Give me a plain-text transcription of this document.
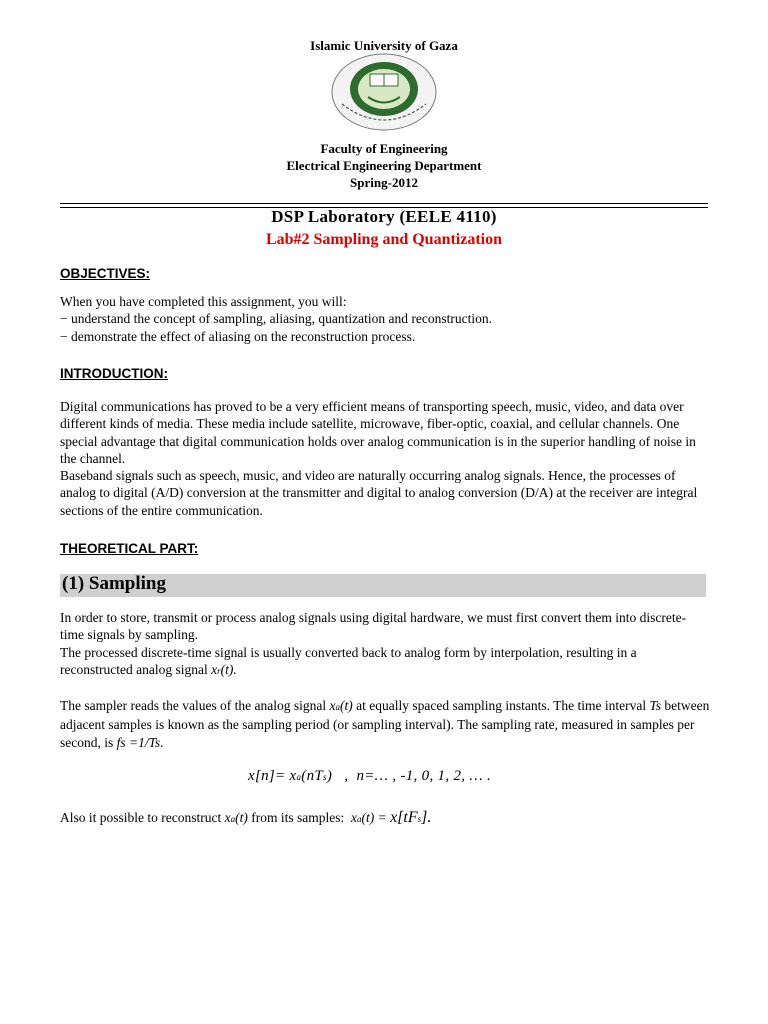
Islamic University of Gaza
Faculty of Engineering
Electrical Engineering Department
Spring-2012
DSP Laboratory (EELE 4110)
Lab#2 Sampling and Quantization
OBJECTIVES:

When you have completed this assignment, you will:

− understand the concept of sampling, aliasing, quantization and reconstruction.

− demonstrate the effect of aliasing on the reconstruction process.

INTRODUCTION:

Digital communications has proved to be a very efficient means of transporting speech, music, video, and data over different kinds of media. These media include satellite, microwave, fiber-optic, coaxial, and cellular channels. One special advantage that digital communication holds over analog communication is in the superior handling of noise in the channel.

Baseband signals such as speech, music, and video are naturally occurring analog signals. Hence, the processes of analog to digital (A/D) conversion at the transmitter and digital to analog conversion (D/A) at the receiver are integral sections of the entire communication.

THEORETICAL PART:
(1) Sampling

In order to store, transmit or process analog signals using digital hardware, we must first convert them into discrete-time signals by sampling.

The processed discrete-time signal is usually converted back to analog form by interpolation, resulting in a reconstructed analog signal xr(t).

The sampler reads the values of the analog signal xa(t) at equally spaced sampling instants. The time interval Ts between adjacent samples is known as the sampling period (or sampling interval). The sampling rate, measured in samples per second, is fs =1/Ts.

x[n]= xa(nTs)   ,  n=… , -1, 0, 1, 2, … .

Also it possible to reconstruct xa(t) from its samples:  xa(t) = x[tFs].
